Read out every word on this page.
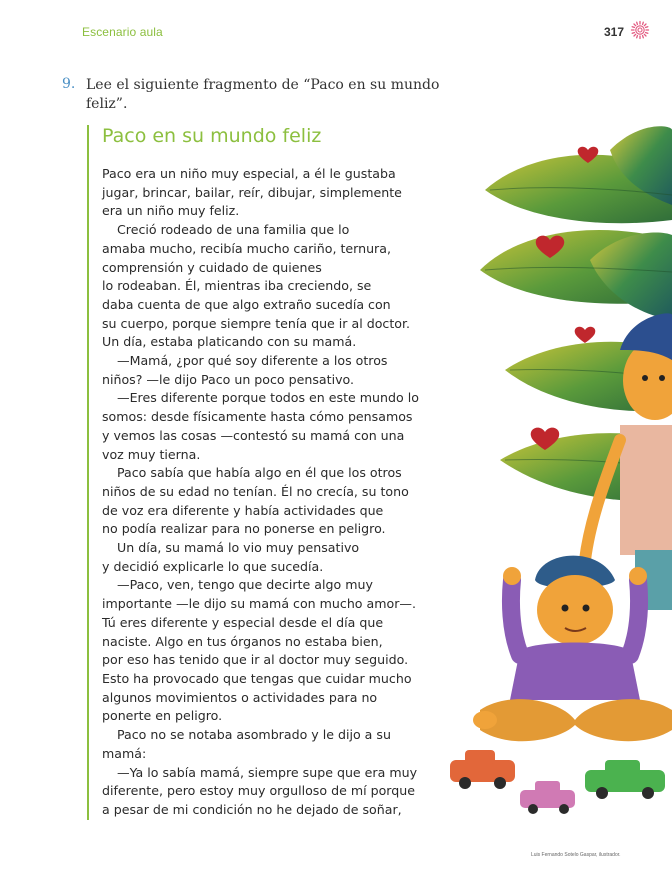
Escenario aula	317
9. Lee el siguiente fragmento de “Paco en su mundo feliz”.
Paco en su mundo feliz
Paco era un niño muy especial, a él le gustaba
jugar, brincar, bailar, reír, dibujar, simplemente
era un niño muy feliz.
Creció rodeado de una familia que lo
amaba mucho, recibía mucho cariño, ternura,
comprensión y cuidado de quienes
lo rodeaban. Él, mientras iba creciendo, se
daba cuenta de que algo extraño sucedía con
su cuerpo, porque siempre tenía que ir al doctor.
Un día, estaba platicando con su mamá.
—Mamá, ¿por qué soy diferente a los otros
niños? —le dijo Paco un poco pensativo.
—Eres diferente porque todos en este mundo lo
somos: desde físicamente hasta cómo pensamos
y vemos las cosas —contestó su mamá con una
voz muy tierna.
Paco sabía que había algo en él que los otros
niños de su edad no tenían. Él no crecía, su tono
de voz era diferente y había actividades que
no podía realizar para no ponerse en peligro.
Un día, su mamá lo vio muy pensativo
y decidió explicarle lo que sucedía.
—Paco, ven, tengo que decirte algo muy
importante —le dijo su mamá con mucho amor—.
Tú eres diferente y especial desde el día que
naciste. Algo en tus órganos no estaba bien,
por eso has tenido que ir al doctor muy seguido.
Esto ha provocado que tengas que cuidar mucho
algunos movimientos o actividades para no
ponerte en peligro.
Paco no se notaba asombrado y le dijo a su
mamá:
—Ya lo sabía mamá, siempre supe que era muy
diferente, pero estoy muy orgulloso de mí porque
a pesar de mi condición no he dejado de soñar,
Luis Fernando Sotelo Gaspar, ilustrador.
